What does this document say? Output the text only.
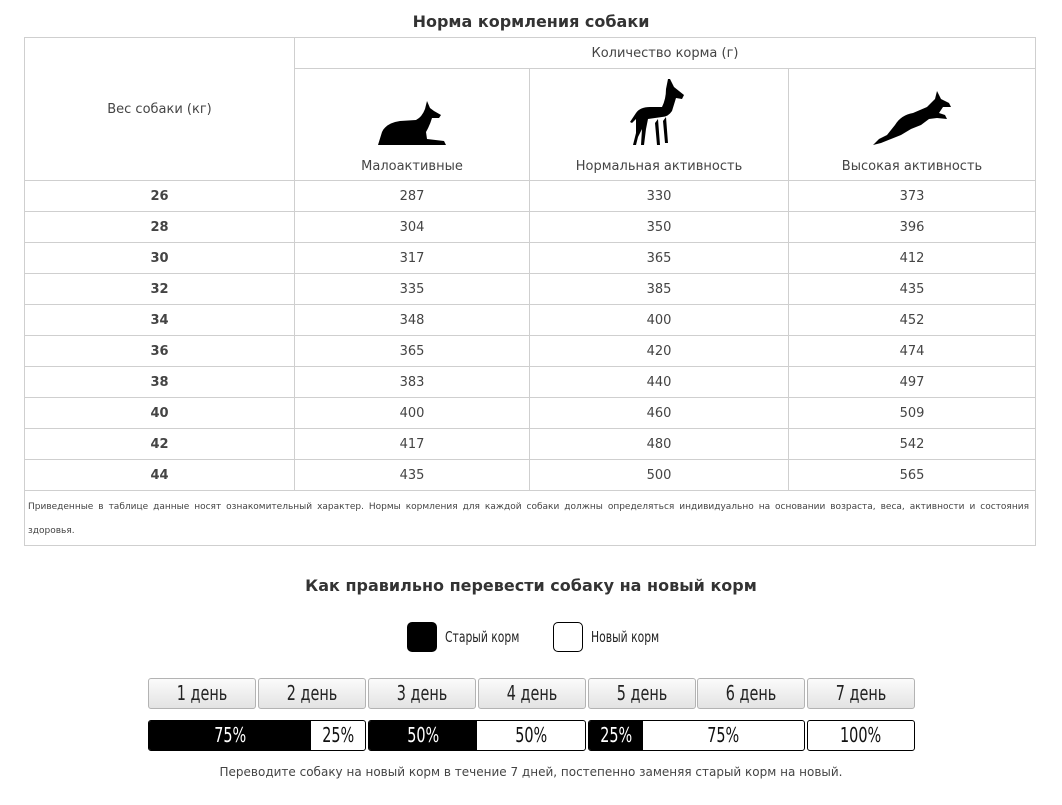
Норма кормления собаки
Вес собаки (кг)	Количество корма (г)		

Малоактивные	Нормальная активность	Высокая активность
26	287	330	373
28	304	350	396
30	317	365	412
32	335	385	435
34	348	400	452
36	365	420	474
38	383	440	497
40	400	460	509
42	417	480	542
44	435	500	565
Приведенные в таблице данные носят ознакомительный характер. Нормы кормления для каждой собаки должны определяться индивидуально на основании возраста, веса, активности и состояния здоровья.			
Как правильно перевести собаку на новый корм
Старый корм	Новый корм
1 день	2 день	3 день	4 день	5 день	6 день	7 день
75%	25%	50%	50%	25%	75%	100%
Переводите собаку на новый корм в течение 7 дней, постепенно заменяя старый корм на новый.
